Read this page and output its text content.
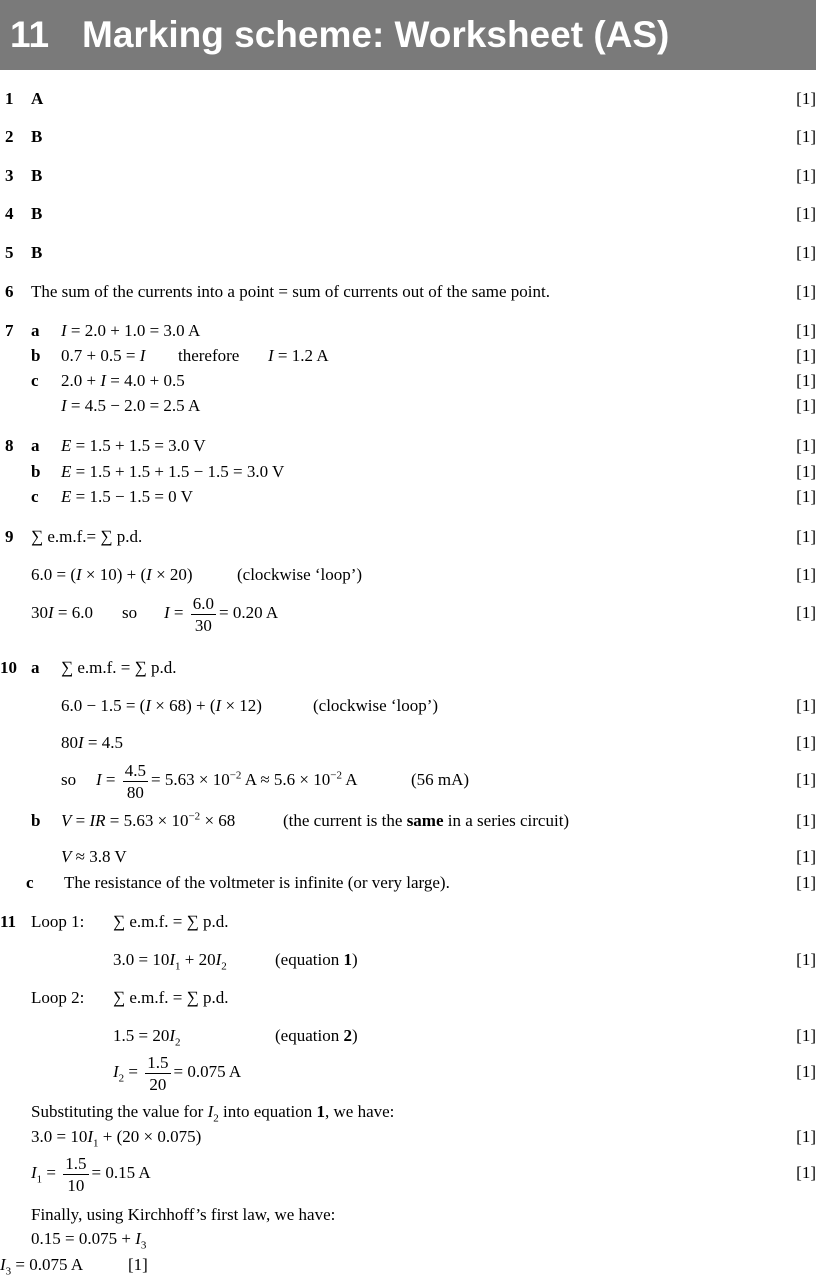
11 Marking scheme: Worksheet (AS)
1 A	[1]
2 B	[1]
3 B	[1]
4 B	[1]
5 B	[1]
6 The sum of the currents into a point = sum of currents out of the same point.	[1]
7 a I = 2.0 + 1.0 = 3.0 A	[1]
b 0.7 + 0.5 = I therefore I = 1.2 A	[1]
c 2.0 + I = 4.0 + 0.5	[1]
I = 4.5 − 2.0 = 2.5 A	[1]
8 a E = 1.5 + 1.5 = 3.0 V	[1]
b E = 1.5 + 1.5 + 1.5 − 1.5 = 3.0 V	[1]
c E = 1.5 − 1.5 = 0 V	[1]
9 ∑ e.m.f.= ∑ p.d.	[1]
6.0 = (I × 10) + (I × 20)	(clockwise ‘loop’)	[1]
30I = 6.0 so $I = \frac{6.0}{30} = 0.20$ A	[1]
10 a ∑ e.m.f. = ∑ p.d.
6.0 − 1.5 = (I × 68) + (I × 12)	(clockwise ‘loop’)	[1]
80I = 4.5	[1]
so $I = \frac{4.5}{80} = 5.63 \times 10^{-2}$ $A \approx 5.6 \times 10^{-2}$ A	(56 mA)	[1]
b V = IR = $5.63 \times 10^{-2} \times 68$	(the current is the same in a series circuit)	[1]
V ≈ 3.8 V	[1]
c The resistance of the voltmeter is infinite (or very large).	[1]
11 Loop 1: ∑ e.m.f. = ∑ p.d.
$3.0 = 10I_1 + 20I_2$	(equation 1)	[1]
Loop 2: ∑ e.m.f. = ∑ p.d.
$1.5 = 20I_2$	(equation 2)	[1]
$I_2 = \frac{1.5}{20} = 0.075$ A	[1]
Substituting the value for $I_2$ into equation 1, we have:
$3.0 = 10I_1 + (20 \times 0.075)$	[1]
$I_1 = \frac{1.5}{10} = 0.15$ A	[1]
Finally, using Kirchhoff’s first law, we have:
$0.15 = 0.075 + I_3$
$I_3 = 0.075$ A	[1]
